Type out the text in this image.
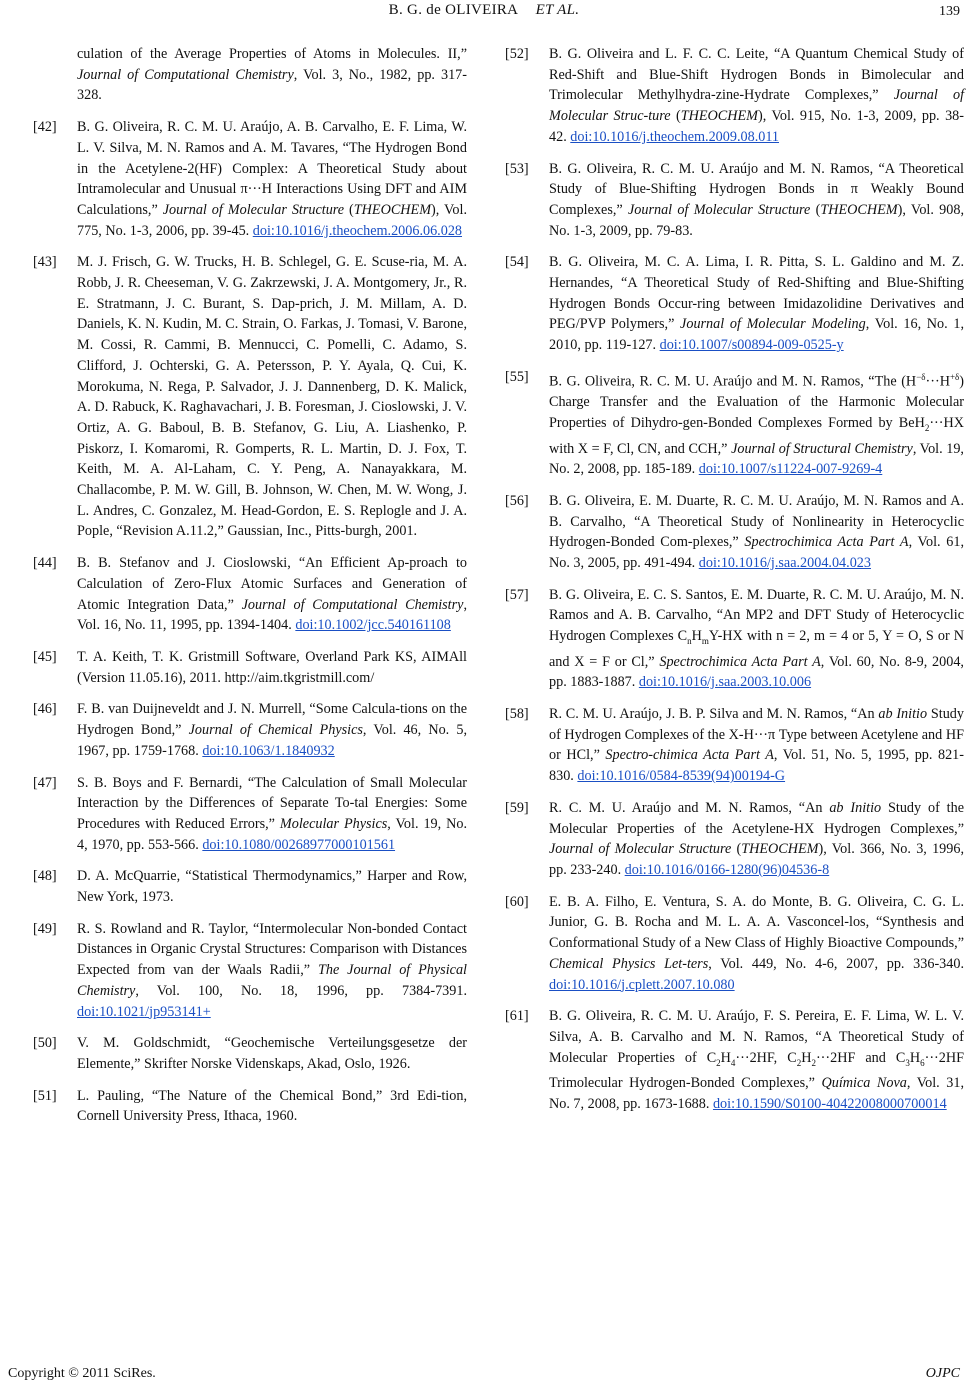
B. G. de OLIVEIRA ET AL.	139
culation of the Average Properties of Atoms in Molecules. II,” Journal of Computational Chemistry, Vol. 3, No., 1982, pp. 317-328.
[42]	B. G. Oliveira, R. C. M. U. Araújo, A. B. Carvalho, E. F. Lima, W. L. V. Silva, M. N. Ramos and A. M. Tavares, “The Hydrogen Bond in the Acetylene-2(HF) Complex: A Theoretical Study about Intramolecular and Unusual π···H Interactions Using DFT and AIM Calculations,” Journal of Molecular Structure (THEOCHEM), Vol. 775, No. 1-3, 2006, pp. 39-45. doi:10.1016/j.theochem.2006.06.028
[43]	M. J. Frisch, G. W. Trucks, H. B. Schlegel, G. E. Scuse-ria, M. A. Robb, J. R. Cheeseman, V. G. Zakrzewski, J. A. Montgomery, Jr., R. E. Stratmann, J. C. Burant, S. Dap-prich, J. M. Millam, A. D. Daniels, K. N. Kudin, M. C. Strain, O. Farkas, J. Tomasi, V. Barone, M. Cossi, R. Cammi, B. Mennucci, C. Pomelli, C. Adamo, S. Clifford, J. Ochterski, G. A. Petersson, P. Y. Ayala, Q. Cui, K. Morokuma, N. Rega, P. Salvador, J. J. Dannenberg, D. K. Malick, A. D. Rabuck, K. Raghavachari, J. B. Foresman, J. Cioslowski, J. V. Ortiz, A. G. Baboul, B. B. Stefanov, G. Liu, A. Liashenko, P. Piskorz, I. Komaromi, R. Gomperts, R. L. Martin, D. J. Fox, T. Keith, M. A. Al-Laham, C. Y. Peng, A. Nanayakkara, M. Challacombe, P. M. W. Gill, B. Johnson, W. Chen, M. W. Wong, J. L. Andres, C. Gonzalez, M. Head-Gordon, E. S. Replogle and J. A. Pople, “Revision A.11.2,” Gaussian, Inc., Pitts-burgh, 2001.
[44]	B. B. Stefanov and J. Cioslowski, “An Efficient Ap-proach to Calculation of Zero-Flux Atomic Surfaces and Generation of Atomic Integration Data,” Journal of Computational Chemistry, Vol. 16, No. 11, 1995, pp. 1394-1404. doi:10.1002/jcc.540161108
[45]	T. A. Keith, T. K. Gristmill Software, Overland Park KS, AIMAll (Version 11.05.16), 2011. http://aim.tkgristmill.com/
[46]	F. B. van Duijneveldt and J. N. Murrell, “Some Calcula-tions on the Hydrogen Bond,” Journal of Chemical Physics, Vol. 46, No. 5, 1967, pp. 1759-1768. doi:10.1063/1.1840932
[47]	S. B. Boys and F. Bernardi, “The Calculation of Small Molecular Interaction by the Differences of Separate To-tal Energies: Some Procedures with Reduced Errors,” Molecular Physics, Vol. 19, No. 4, 1970, pp. 553-566. doi:10.1080/00268977000101561
[48]	D. A. McQuarrie, “Statistical Thermodynamics,” Harper and Row, New York, 1973.
[49]	R. S. Rowland and R. Taylor, “Intermolecular Non-bonded Contact Distances in Organic Crystal Structures: Comparison with Distances Expected from van der Waals Radii,” The Journal of Physical Chemistry, Vol. 100, No. 18, 1996, pp. 7384-7391. doi:10.1021/jp953141+
[50]	V. M. Goldschmidt, “Geochemische Verteilungsgesetze der Elemente,” Skrifter Norske Videnskaps, Akad, Oslo, 1926.
[51]	L. Pauling, “The Nature of the Chemical Bond,” 3rd Edi-tion, Cornell University Press, Ithaca, 1960.
[52]	B. G. Oliveira and L. F. C. C. Leite, “A Quantum Chemical Study of Red-Shift and Blue-Shift Hydrogen Bonds in Bimolecular and Trimolecular Methylhydra-zine-Hydrate Complexes,” Journal of Molecular Struc-ture (THEOCHEM), Vol. 915, No. 1-3, 2009, pp. 38-42. doi:10.1016/j.theochem.2009.08.011
[53]	B. G. Oliveira, R. C. M. U. Araújo and M. N. Ramos, “A Theoretical Study of Blue-Shifting Hydrogen Bonds in π Weakly Bound Complexes,” Journal of Molecular Structure (THEOCHEM), Vol. 908, No. 1-3, 2009, pp. 79-83.
[54]	B. G. Oliveira, M. C. A. Lima, I. R. Pitta, S. L. Galdino and M. Z. Hernandes, “A Theoretical Study of Red-Shifting and Blue-Shifting Hydrogen Bonds Occur-ring between Imidazolidine Derivatives and PEG/PVP Polymers,” Journal of Molecular Modeling, Vol. 16, No. 1, 2010, pp. 119-127. doi:10.1007/s00894-009-0525-y
[55]	B. G. Oliveira, R. C. M. U. Araújo and M. N. Ramos, “The $(H^{-\delta}\cdot\cdot\cdot H^{+\delta})$ Charge Transfer and the Evaluation of the Harmonic Molecular Properties of Dihydro-gen-Bonded Complexes Formed by BeH$_2$···HX with X = F, Cl, CN, and CCH,” Journal of Structural Chemistry, Vol. 19, No. 2, 2008, pp. 185-189. doi:10.1007/s11224-007-9269-4
[56]	B. G. Oliveira, E. M. Duarte, R. C. M. U. Araújo, M. N. Ramos and A. B. Carvalho, “A Theoretical Study of Nonlinearity in Heterocyclic Hydrogen-Bonded Com-plexes,” Spectrochimica Acta Part A, Vol. 61, No. 3, 2005, pp. 491-494. doi:10.1016/j.saa.2004.04.023
[57]	B. G. Oliveira, E. C. S. Santos, E. M. Duarte, R. C. M. U. Araújo, M. N. Ramos and A. B. Carvalho, “An MP2 and DFT Study of Heterocyclic Hydrogen Complexes $C_nH_mY-HX$ with n = 2, m = 4 or 5, Y = O, S or N and X = F or Cl,” Spectrochimica Acta Part A, Vol. 60, No. 8-9, 2004, pp. 1883-1887. doi:10.1016/j.saa.2003.10.006
[58]	R. C. M. U. Araújo, J. B. P. Silva and M. N. Ramos, “An ab Initio Study of Hydrogen Complexes of the X-H···π Type between Acetylene and HF or HCl,” Spectro-chimica Acta Part A, Vol. 51, No. 5, 1995, pp. 821-830. doi:10.1016/0584-8539(94)00194-G
[59]	R. C. M. U. Araújo and M. N. Ramos, “An ab Initio Study of the Molecular Properties of the Acetylene-HX Hydrogen Complexes,” Journal of Molecular Structure (THEOCHEM), Vol. 366, No. 3, 1996, pp. 233-240. doi:10.1016/0166-1280(96)04536-8
[60]	E. B. A. Filho, E. Ventura, S. A. do Monte, B. G. Oliveira, C. G. L. Junior, G. B. Rocha and M. L. A. A. Vasconcel-los, “Synthesis and Conformational Study of a New Class of Highly Bioactive Compounds,” Chemical Physics Let-ters, Vol. 449, No. 4-6, 2007, pp. 336-340. doi:10.1016/j.cplett.2007.10.080
[61]	B. G. Oliveira, R. C. M. U. Araújo, F. S. Pereira, E. F. Lima, W. L. V. Silva, A. B. Carvalho and M. N. Ramos, “A Theoretical Study of Molecular Properties of $C_2H_4\cdot\cdot\cdot 2HF$, $C_2H_2\cdot\cdot\cdot 2HF$ and $C_3H_6\cdot\cdot\cdot 2HF$ Trimolecular Hydrogen-Bonded Complexes,” Química Nova, Vol. 31, No. 7, 2008, pp. 1673-1688. doi:10.1590/S0100-40422008000700014
Copyright © 2011 SciRes.	OJPC
